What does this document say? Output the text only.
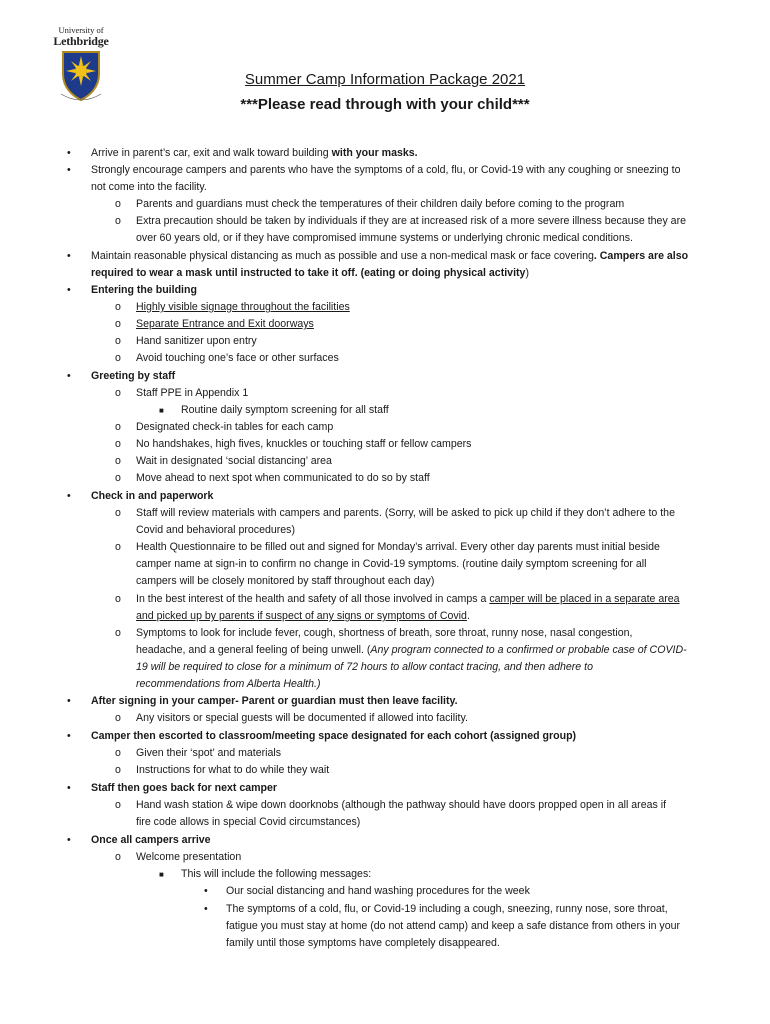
University of
Lethbridge
Summer Camp Information Package 2021
***Please read through with your child***
• Arrive in parent’s car, exit and walk toward building with your masks.
• Strongly encourage campers and parents who have the symptoms of a cold, flu, or Covid-19 with any coughing or sneezing to
not come into the facility.
o Parents and guardians must check the temperatures of their children daily before coming to the program
o Extra precaution should be taken by individuals if they are at increased risk of a more severe illness because they are
over 60 years old, or if they have compromised immune systems or underlying chronic medical conditions.
• Maintain reasonable physical distancing as much as possible and use a non-medical mask or face covering. Campers are also
required to wear a mask until instructed to take it off. (eating or doing physical activity)
• Entering the building
o Highly visible signage throughout the facilities
o Separate Entrance and Exit doorways
o Hand sanitizer upon entry
o Avoid touching one’s face or other surfaces
• Greeting by staff
o Staff PPE in Appendix 1
■ Routine daily symptom screening for all staff
o Designated check-in tables for each camp
o No handshakes, high fives, knuckles or touching staff or fellow campers
o Wait in designated ‘social distancing’ area
o Move ahead to next spot when communicated to do so by staff
• Check in and paperwork
o Staff will review materials with campers and parents. (Sorry, will be asked to pick up child if they don’t adhere to the
Covid and behavioral procedures)
o Health Questionnaire to be filled out and signed for Monday’s arrival. Every other day parents must initial beside
camper name at sign-in to confirm no change in Covid-19 symptoms. (routine daily symptom screening for all
campers will be closely monitored by staff throughout each day)
o In the best interest of the health and safety of all those involved in camps a camper will be placed in a separate area
and picked up by parents if suspect of any signs or symptoms of Covid.
o Symptoms to look for include fever, cough, shortness of breath, sore throat, runny nose, nasal congestion,
headache, and a general feeling of being unwell. (Any program connected to a confirmed or probable case of COVID-
19 will be required to close for a minimum of 72 hours to allow contact tracing, and then adhere to
recommendations from Alberta Health.)
• After signing in your camper- Parent or guardian must then leave facility.
o Any visitors or special guests will be documented if allowed into facility.
• Camper then escorted to classroom/meeting space designated for each cohort (assigned group)
o Given their ‘spot’ and materials
o Instructions for what to do while they wait
• Staff then goes back for next camper
o Hand wash station & wipe down doorknobs (although the pathway should have doors propped open in all areas if
fire code allows in special Covid circumstances)
• Once all campers arrive
o Welcome presentation
■ This will include the following messages:
• Our social distancing and hand washing procedures for the week
• The symptoms of a cold, flu, or Covid-19 including a cough, sneezing, runny nose, sore throat,
fatigue you must stay at home (do not attend camp) and keep a safe distance from others in your
family until those symptoms have completely disappeared.
